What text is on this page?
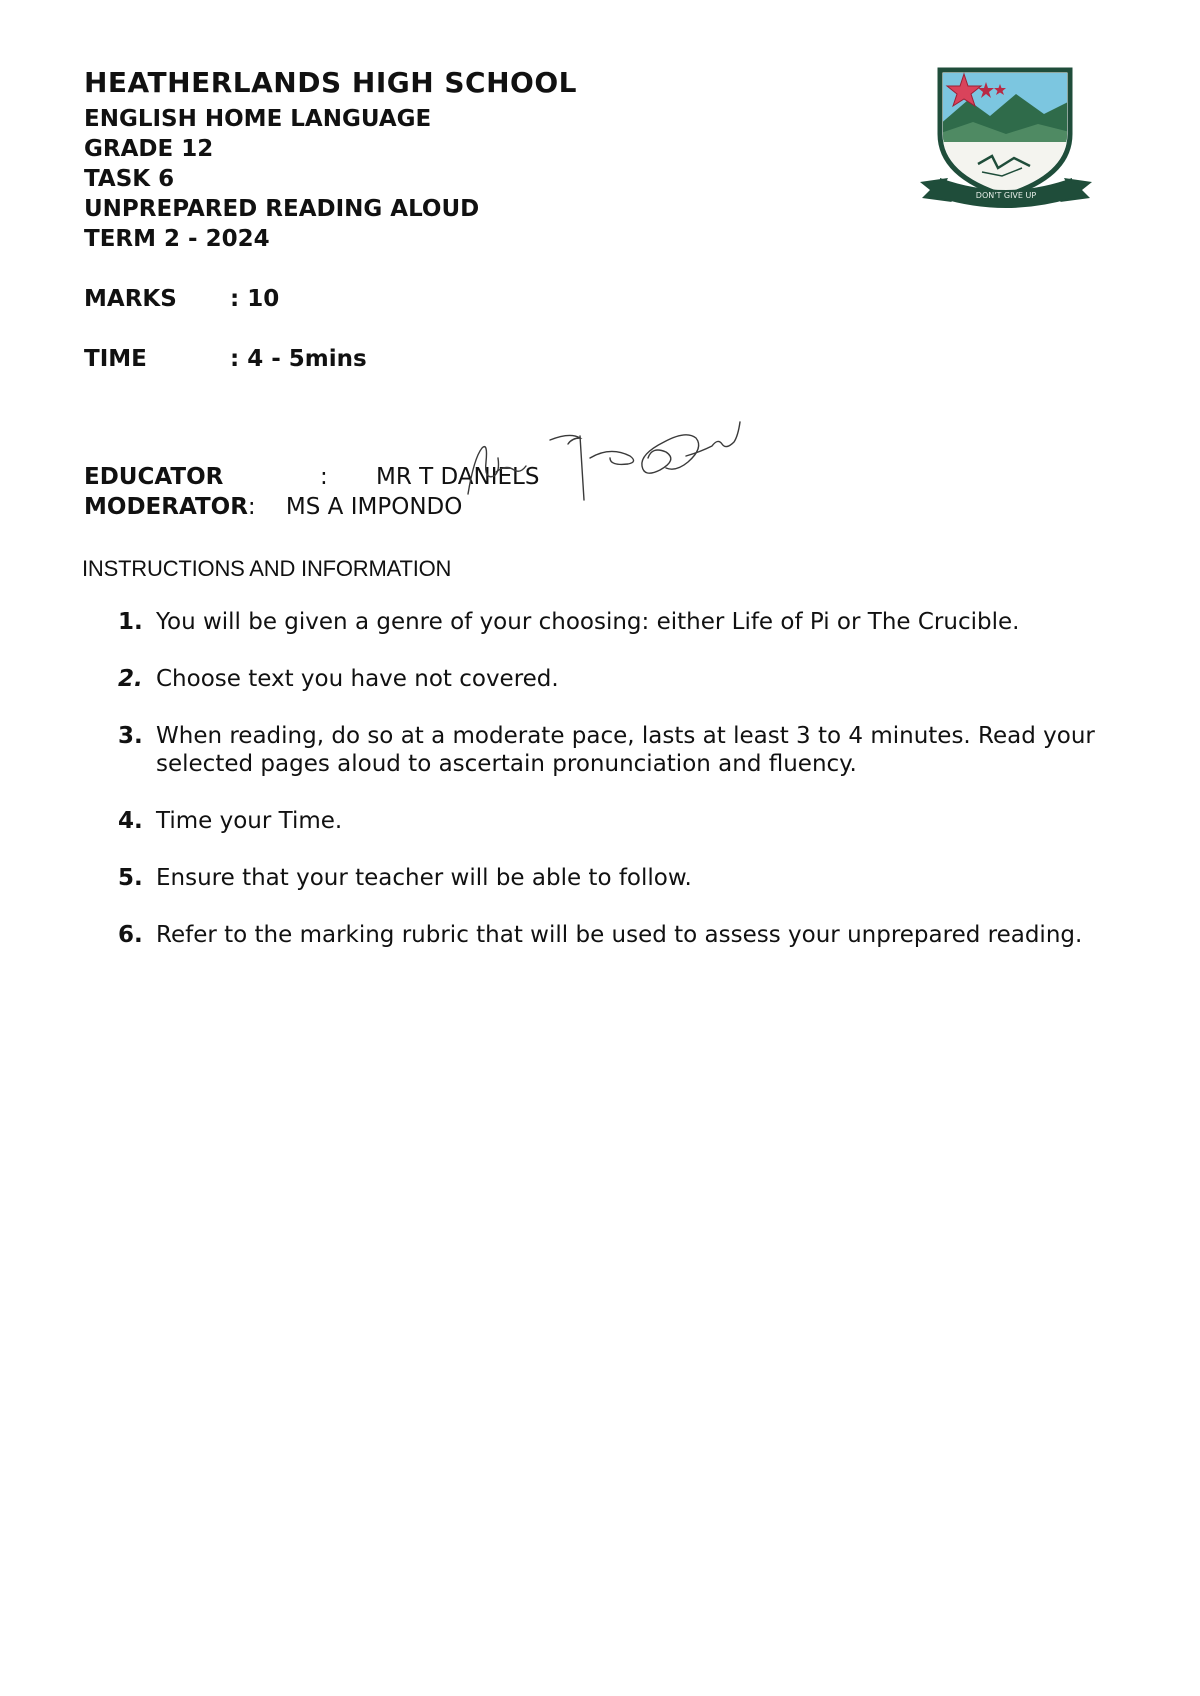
HEATHERLANDS HIGH SCHOOL
ENGLISH HOME LANGUAGE
GRADE 12
TASK 6
UNPREPARED READING ALOUD
TERM 2 - 2024
DON'T GIVE UP
MARKS	: 10
TIME	: 4 - 5mins
EDUCATOR	:	MR T DANIELS
MODERATOR :	MS A IMPONDO
INSTRUCTIONS AND INFORMATION
1. You will be given a genre of your choosing: either Life of Pi or The Crucible.
2. Choose text you have not covered.
3. When reading, do so at a moderate pace, lasts at least 3 to 4 minutes. Read your selected pages aloud to ascertain pronunciation and fluency.
4. Time your Time.
5. Ensure that your teacher will be able to follow.
6. Refer to the marking rubric that will be used to assess your unprepared reading.
